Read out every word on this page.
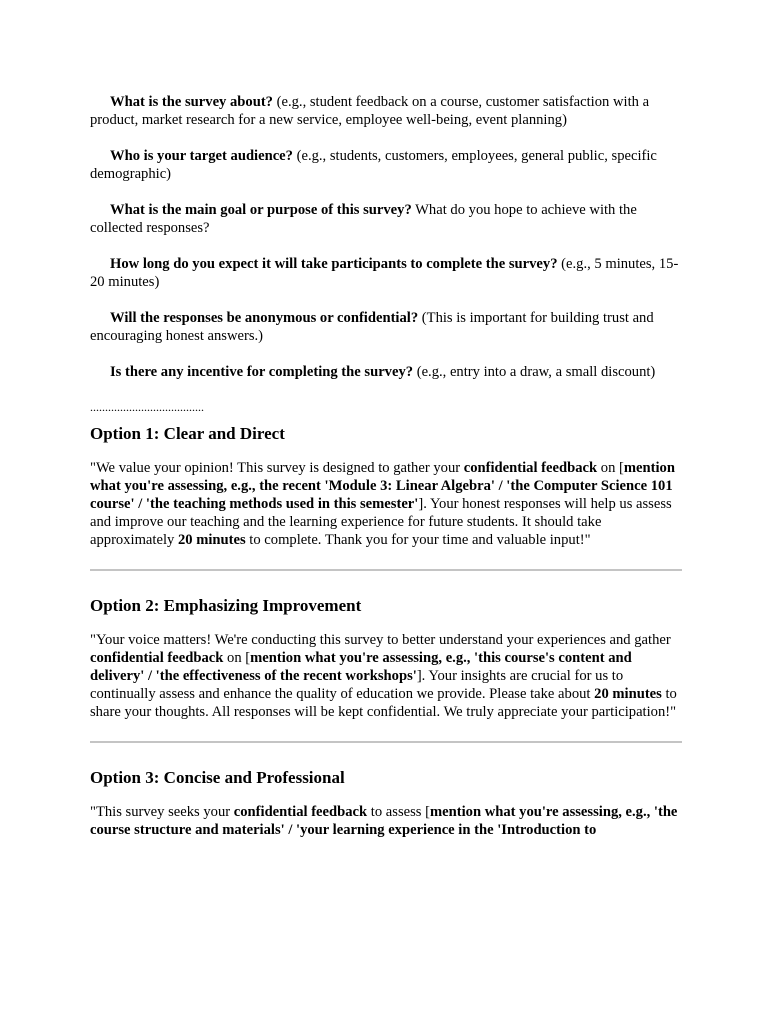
What is the survey about? (e.g., student feedback on a course, customer satisfaction with a product, market research for a new service, employee well-being, event planning)

Who is your target audience? (e.g., students, customers, employees, general public, specific demographic)

What is the main goal or purpose of this survey? What do you hope to achieve with the collected responses?

How long do you expect it will take participants to complete the survey? (e.g., 5 minutes, 15-20 minutes)

Will the responses be anonymous or confidential? (This is important for building trust and encouraging honest answers.)

Is there any incentive for completing the survey? (e.g., entry into a draw, a small discount)

......................................

Option 1: Clear and Direct

"We value your opinion! This survey is designed to gather your confidential feedback on [mention what you're assessing, e.g., the recent 'Module 3: Linear Algebra' / 'the Computer Science 101 course' / 'the teaching methods used in this semester']. Your honest responses will help us assess and improve our teaching and the learning experience for future students. It should take approximately 20 minutes to complete. Thank you for your time and valuable input!"

Option 2: Emphasizing Improvement

"Your voice matters! We're conducting this survey to better understand your experiences and gather confidential feedback on [mention what you're assessing, e.g., 'this course's content and delivery' / 'the effectiveness of the recent workshops']. Your insights are crucial for us to continually assess and enhance the quality of education we provide. Please take about 20 minutes to share your thoughts. All responses will be kept confidential. We truly appreciate your participation!"

Option 3: Concise and Professional

"This survey seeks your confidential feedback to assess [mention what you're assessing, e.g., 'the course structure and materials' / 'your learning experience in the 'Introduction to
